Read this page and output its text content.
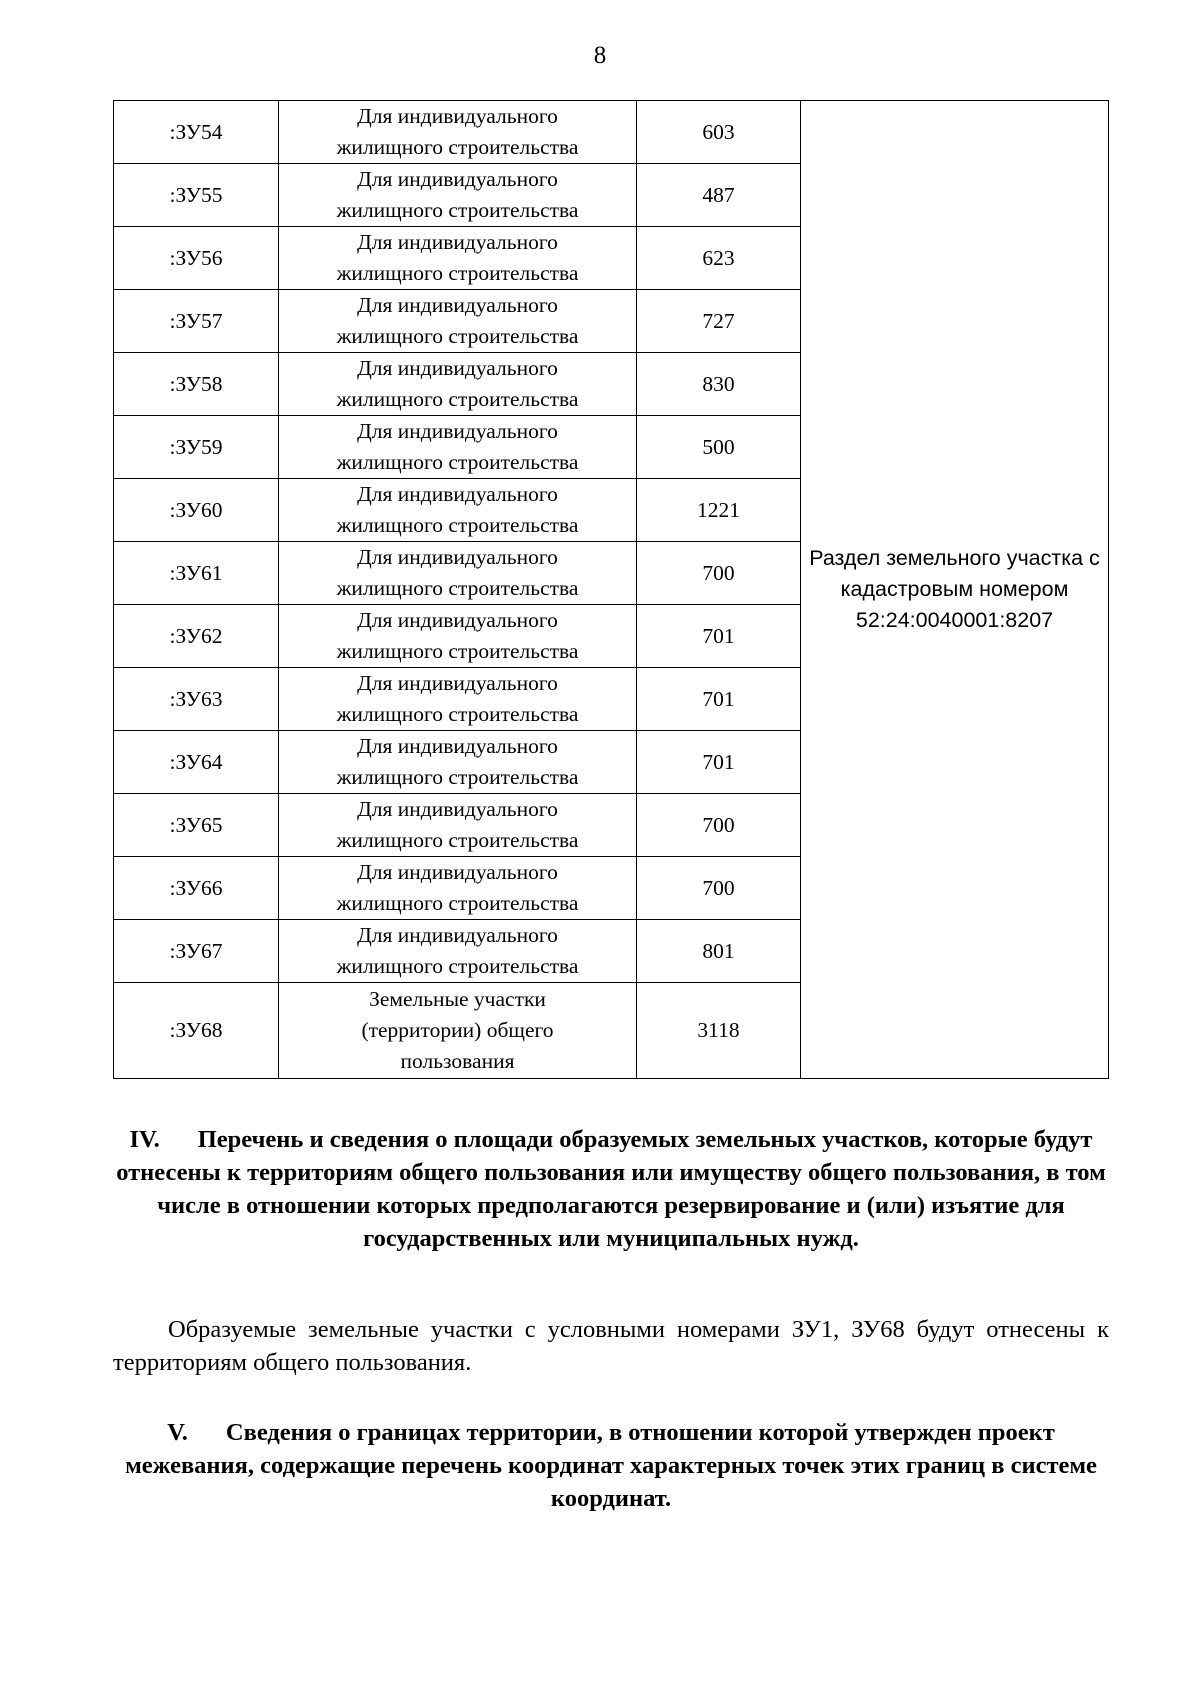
8
:ЗУ54	Для индивидуального
жилищного строительства	603	Раздел земельного участка с
кадастровым номером
52:24:0040001:8207

:ЗУ55	Для индивидуального
жилищного строительства	487	
:ЗУ56	Для индивидуального
жилищного строительства	623	
:ЗУ57	Для индивидуального
жилищного строительства	727	
:ЗУ58	Для индивидуального
жилищного строительства	830	
:ЗУ59	Для индивидуального
жилищного строительства	500	
:ЗУ60	Для индивидуального
жилищного строительства	1221	
:ЗУ61	Для индивидуального
жилищного строительства	700	
:ЗУ62	Для индивидуального
жилищного строительства	701	
:ЗУ63	Для индивидуального
жилищного строительства	701	
:ЗУ64	Для индивидуального
жилищного строительства	701	
:ЗУ65	Для индивидуального
жилищного строительства	700	
:ЗУ66	Для индивидуального
жилищного строительства	700	
:ЗУ67	Для индивидуального
жилищного строительства	801	
:ЗУ68	Земельные участки
(территории) общего
пользования	3118	
IV. Перечень и сведения о площади образуемых земельных участков, которые будут отнесены к территориям общего пользования или имуществу общего пользования, в том числе в отношении которых предполагаются резервирование и (или) изъятие для государственных или муниципальных нужд.
Образуемые земельные участки с условными номерами ЗУ1, ЗУ68 будут отнесены к территориям общего пользования.
V. Сведения о границах территории, в отношении которой утвержден проект межевания, содержащие перечень координат характерных точек этих границ в системе координат.
